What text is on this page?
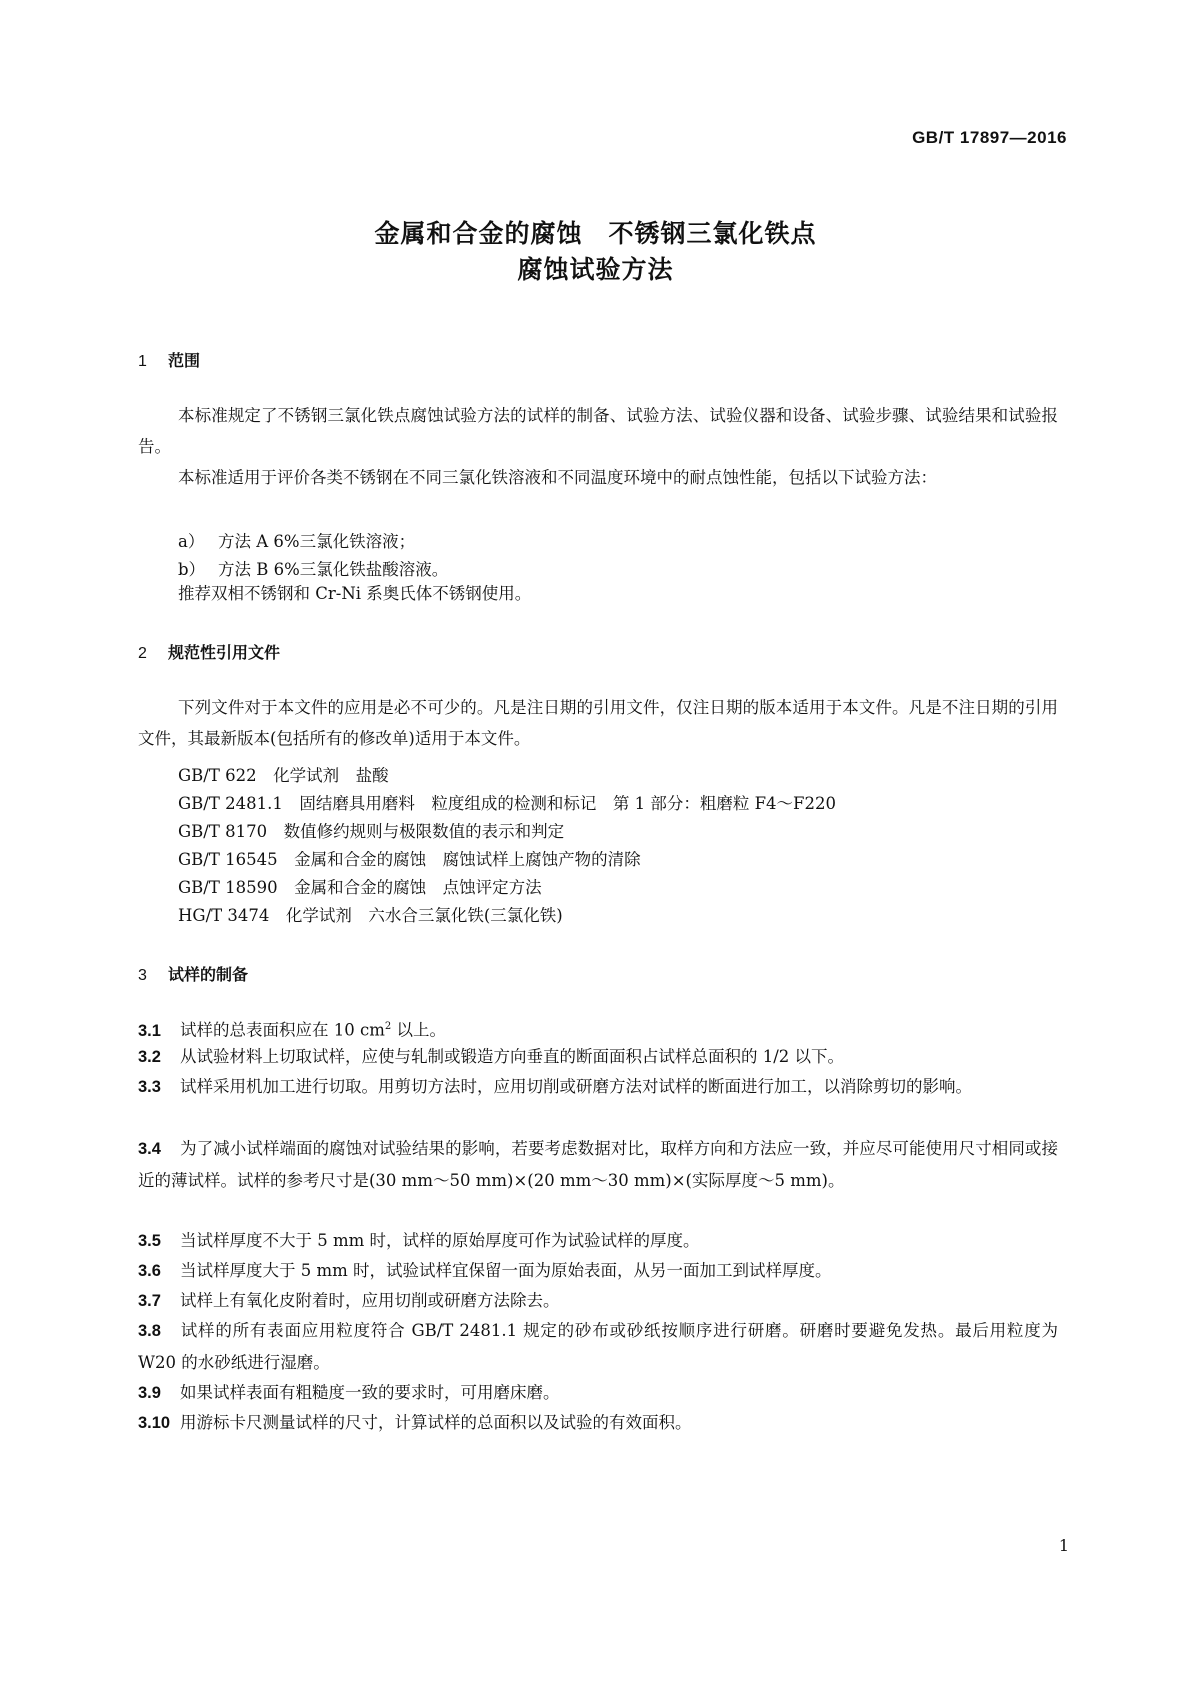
GB/T 17897—2016
金属和合金的腐蚀　不锈钢三氯化铁点
腐蚀试验方法
1 范围
本标准规定了不锈钢三氯化铁点腐蚀试验方法的试样的制备、试验方法、试验仪器和设备、试验步骤、试验结果和试验报告。
本标准适用于评价各类不锈钢在不同三氯化铁溶液和不同温度环境中的耐点蚀性能，包括以下试验方法：
a） 方法 A 6%三氯化铁溶液；
b） 方法 B 6%三氯化铁盐酸溶液。
推荐双相不锈钢和 Cr-Ni 系奥氏体不锈钢使用。
2 规范性引用文件
下列文件对于本文件的应用是必不可少的。凡是注日期的引用文件，仅注日期的版本适用于本文件。凡是不注日期的引用文件，其最新版本(包括所有的修改单)适用于本文件。
GB/T 622　化学试剂　盐酸
GB/T 2481.1　固结磨具用磨料　粒度组成的检测和标记　第 1 部分：粗磨粒 F4～F220
GB/T 8170　数值修约规则与极限数值的表示和判定
GB/T 16545　金属和合金的腐蚀　腐蚀试样上腐蚀产物的清除
GB/T 18590　金属和合金的腐蚀　点蚀评定方法
HG/T 3474　化学试剂　六水合三氯化铁(三氯化铁)
3 试样的制备
3.1 试样的总表面积应在 10 $cm^2$ 以上。
3.2 从试验材料上切取试样，应使与轧制或锻造方向垂直的断面面积占试样总面积的 1/2 以下。
3.3 试样采用机加工进行切取。用剪切方法时，应用切削或研磨方法对试样的断面进行加工，以消除剪切的影响。
3.4 为了减小试样端面的腐蚀对试验结果的影响，若要考虑数据对比，取样方向和方法应一致，并应尽可能使用尺寸相同或接近的薄试样。试样的参考尺寸是(30 mm～50 mm)×(20 mm～30 mm)×(实际厚度～5 mm)。
3.5 当试样厚度不大于 5 mm 时，试样的原始厚度可作为试验试样的厚度。
3.6 当试样厚度大于 5 mm 时，试验试样宜保留一面为原始表面，从另一面加工到试样厚度。
3.7 试样上有氧化皮附着时，应用切削或研磨方法除去。
3.8 试样的所有表面应用粒度符合 GB/T 2481.1 规定的砂布或砂纸按顺序进行研磨。研磨时要避免发热。最后用粒度为 W20 的水砂纸进行湿磨。
3.9 如果试样表面有粗糙度一致的要求时，可用磨床磨。
3.10 用游标卡尺测量试样的尺寸，计算试样的总面积以及试验的有效面积。
1
